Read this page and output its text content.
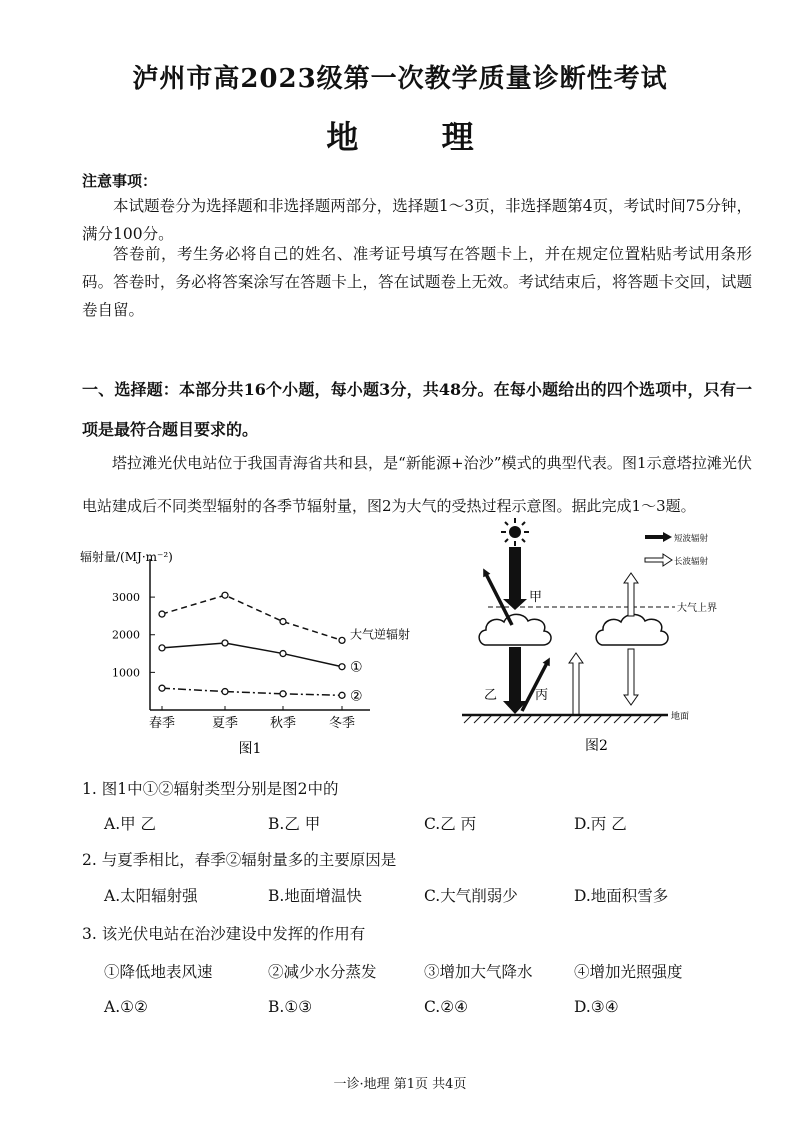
泸州市高2023级第一次教学质量诊断性考试
地 理
注意事项：
本试题卷分为选择题和非选择题两部分，选择题1～3页，非选择题第4页，考试时间75分钟，满分100分。
答卷前，考生务必将自己的姓名、准考证号填写在答题卡上，并在规定位置粘贴考试用条形码。答卷时，务必将答案涂写在答题卡上，答在试题卷上无效。考试结束后，将答题卡交回，试题卷自留。
一、选择题：本部分共16个小题，每小题3分，共48分。在每小题给出的四个选项中，只有一项是最符合题目要求的。
塔拉滩光伏电站位于我国青海省共和县，是“新能源+治沙”模式的典型代表。图1示意塔拉滩光伏电站建成后不同类型辐射的各季节辐射量，图2为大气的受热过程示意图。据此完成1～3题。
辐射量/(MJ·m⁻²)
1000
2000
3000
春季	夏季 秋季	冬季
大气逆辐射
①
②
图1
短波辐射
长波辐射
大气上界
甲
乙	丙
地面
图2
1. 图1中①②辐射类型分别是图2中的
A.甲 乙	B.乙 甲	C.乙 丙	D.丙 乙
2. 与夏季相比，春季②辐射量多的主要原因是
A.太阳辐射强	B.地面增温快	C.大气削弱少	D.地面积雪多
3. 该光伏电站在治沙建设中发挥的作用有
①降低地表风速	②减少水分蒸发	③增加大气降水	④增加光照强度
A.①②	B.①③	C.②④	D.③④
一诊·地理 第1页 共4页
